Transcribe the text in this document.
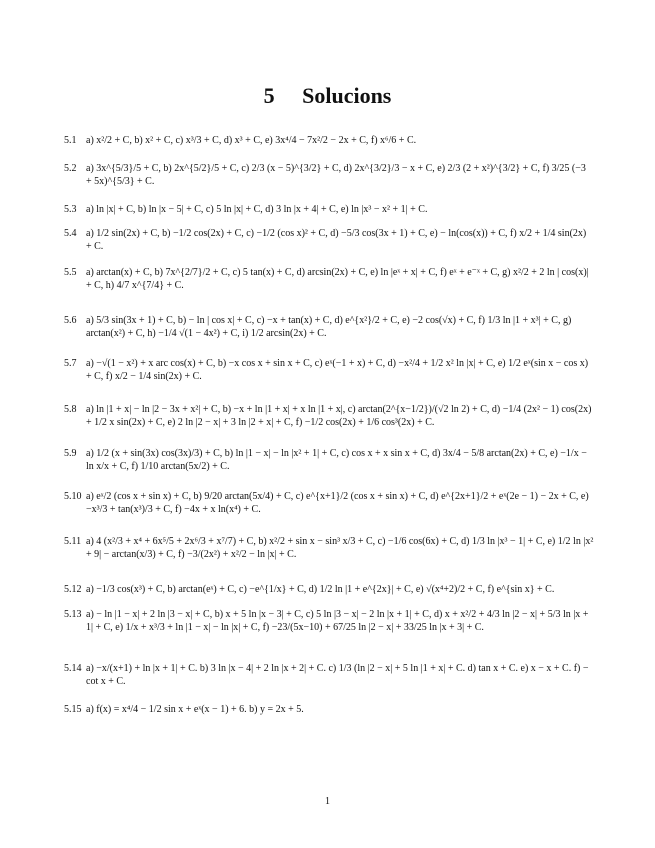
5 Solucions
5.1 a) x²/2 + C, b) x² + C, c) x³/3 + C, d) x³ + C, e) 3x⁴/4 − 7x²/2 − 2x + C, f) x⁶/6 + C.
5.2 a) 3x^{5/3}/5 + C, b) 2x^{5/2}/5 + C, c) 2/3 (x − 5)^{3/2} + C, d) 2x^{3/2}/3 − x + C, e) 2/3 (2 + x²)^{3/2} + C, f) 3/25 (−3 + 5x)^{5/3} + C.
5.3 a) ln |x| + C, b) ln |x − 5| + C, c) 5 ln |x| + C, d) 3 ln |x + 4| + C, e) ln |x³ − x² + 1| + C.
5.4 a) 1/2 sin(2x) + C, b) −1/2 cos(2x) + C, c) −1/2 (cos x)² + C, d) −5/3 cos(3x + 1) + C, e) − ln(cos(x)) + C, f) x/2 + 1/4 sin(2x) + C.
5.5 a) arctan(x) + C, b) 7x^{2/7}/2 + C, c) 5 tan(x) + C, d) arcsin(2x) + C, e) ln |eˣ + x| + C, f) eˣ + e⁻ˣ + C, g) x²/2 + 2 ln | cos(x)| + C, h) 4/7 x^{7/4} + C.
5.6 a) 5/3 sin(3x + 1) + C, b) − ln | cos x| + C, c) −x + tan(x) + C, d) e^{x²}/2 + C, e) −2 cos(√x) + C, f) 1/3 ln |1 + x³| + C, g) arctan(x²) + C, h) −1/4 √(1 − 4x²) + C, i) 1/2 arcsin(2x) + C.
5.7 a) −√(1 − x²) + x arc cos(x) + C, b) −x cos x + sin x + C, c) eˣ(−1 + x) + C, d) −x²/4 + 1/2 x² ln |x| + C, e) 1/2 eˣ(sin x − cos x) + C, f) x/2 − 1/4 sin(2x) + C.
5.8 a) ln |1 + x| − ln |2 − 3x + x²| + C, b) −x + ln |1 + x| + x ln |1 + x|, c) arctan(2^{x−1/2})/(√2 ln 2) + C, d) −1/4 (2x² − 1) cos(2x) + 1/2 x sin(2x) + C, e) 2 ln |2 − x| + 3 ln |2 + x| + C, f) −1/2 cos(2x) + 1/6 cos³(2x) + C.
5.9 a) 1/2 (x + sin(3x) cos(3x)/3) + C, b) ln |1 − x| − ln |x² + 1| + C, c) cos x + x sin x + C, d) 3x/4 − 5/8 arctan(2x) + C, e) −1/x − ln x/x + C, f) 1/10 arctan(5x/2) + C.
5.10 a) eˣ/2 (cos x + sin x) + C, b) 9/20 arctan(5x/4) + C, c) e^{x+1}/2 (cos x + sin x) + C, d) e^{2x+1}/2 + eˣ(2e − 1) − 2x + C, e) −x³/3 + tan(x³)/3 + C, f) −4x + x ln(x⁴) + C.
5.11 a) 4 (x²/3 + x⁴ + 6x⁵/5 + 2x⁶/3 + x⁷/7) + C, b) x²/2 + sin x − sin³ x/3 + C, c) −1/6 cos(6x) + C, d) 1/3 ln |x³ − 1| + C, e) 1/2 ln |x² + 9| − arctan(x/3) + C, f) −3/(2x²) + x²/2 − ln |x| + C.
5.12 a) −1/3 cos(x³) + C, b) arctan(eˣ) + C, c) −e^{1/x} + C, d) 1/2 ln |1 + e^{2x}| + C, e) √(x⁴+2)/2 + C, f) e^{sin x} + C.
5.13 a) − ln |1 − x| + 2 ln |3 − x| + C, b) x + 5 ln |x − 3| + C, c) 5 ln |3 − x| − 2 ln |x + 1| + C, d) x + x²/2 + 4/3 ln |2 − x| + 5/3 ln |x + 1| + C, e) 1/x + x³/3 + ln |1 − x| − ln |x| + C, f) −23/(5x−10) + 67/25 ln |2 − x| + 33/25 ln |x + 3| + C.
5.14 a) −x/(x+1) + ln |x + 1| + C. b) 3 ln |x − 4| + 2 ln |x + 2| + C. c) 1/3 (ln |2 − x| + 5 ln |1 + x| + C. d) tan x + C. e) x − x + C. f) − cot x + C.
5.15 a) f(x) = x⁴/4 − 1/2 sin x + eˣ(x − 1) + 6. b) y = 2x + 5.
1
